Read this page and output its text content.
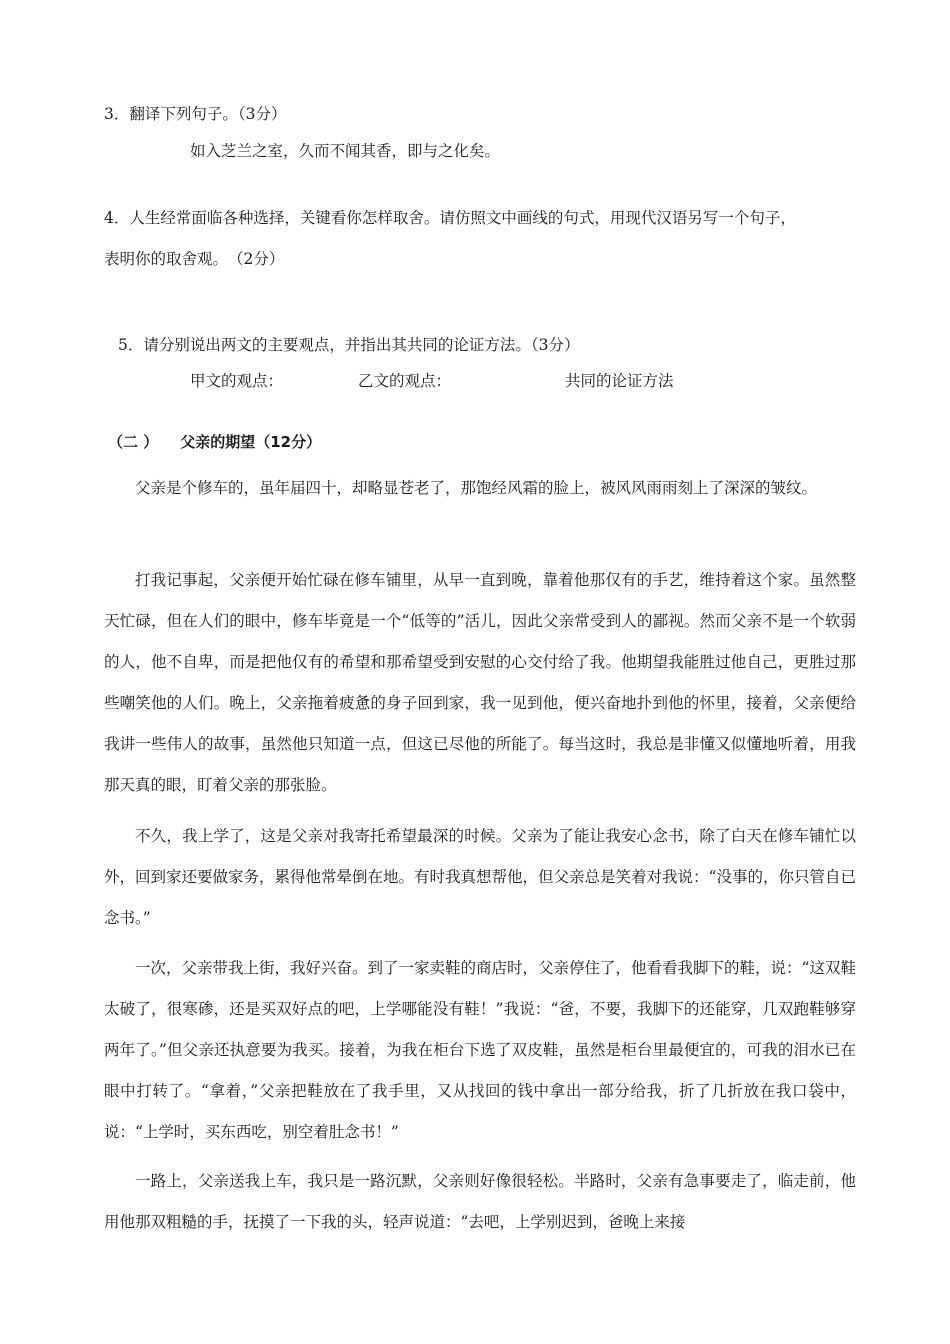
3．翻译下列句子。（3分）
如入芝兰之室，久而不闻其香，即与之化矣。
4．人生经常面临各种选择，关键看你怎样取舍。请仿照文中画线的句式，用现代汉语另写一个句子，
表明你的取舍观。　（2分）
5．请分别说出两文的主要观点，并指出其共同的论证方法。（3分）
甲文的观点：	乙文的观点：	共同的论证方法
（二 ） 父亲的期望（12分）

父亲是个修车的，虽年届四十，却略显苍老了，那饱经风霜的脸上，被风风雨雨刻上了深深的皱纹。

打我记事起，父亲便开始忙碌在修车铺里，从早一直到晚，靠着他那仅有的手艺，维持着这个家。虽然整天忙碌，但在人们的眼中，修车毕竟是一个“低等的”活儿，因此父亲常受到人的鄙视。然而父亲不是一个软弱的人，他不自卑，而是把他仅有的希望和那希望受到安慰的心交付给了我。他期望我能胜过他自己，更胜过那些嘲笑他的人们。晚上，父亲拖着疲惫的身子回到家，我一见到他，便兴奋地扑到他的怀里，接着，父亲便给我讲一些伟人的故事，虽然他只知道一点，但这已尽他的所能了。每当这时，我总是非懂又似懂地听着，用我那天真的眼，盯着父亲的那张脸。

不久，我上学了，这是父亲对我寄托希望最深的时候。父亲为了能让我安心念书，除了白天在修车铺忙以外，回到家还要做家务，累得他常晕倒在地。有时我真想帮他，但父亲总是笑着对我说：“没事的，你只管自已念书。”

一次，父亲带我上街，我好兴奋。到了一家卖鞋的商店时，父亲停住了，他看看我脚下的鞋，说：“这双鞋太破了，很寒碜，还是买双好点的吧，上学哪能没有鞋！”我说：“爸，不要，我脚下的还能穿，几双跑鞋够穿两年了。”但父亲还执意要为我买。接着，为我在柜台下选了双皮鞋，虽然是柜台里最便宜的，可我的泪水已在眼中打转了。“拿着，”父亲把鞋放在了我手里，又从找回的钱中拿出一部分给我，折了几折放在我口袋中，说：“上学时，买东西吃，别空着肚念书！”

一路上，父亲送我上车，我只是一路沉默，父亲则好像很轻松。半路时，父亲有急事要走了，临走前，他用他那双粗糙的手，抚摸了一下我的头，轻声说道：“去吧，上学别迟到，爸晚上来接
